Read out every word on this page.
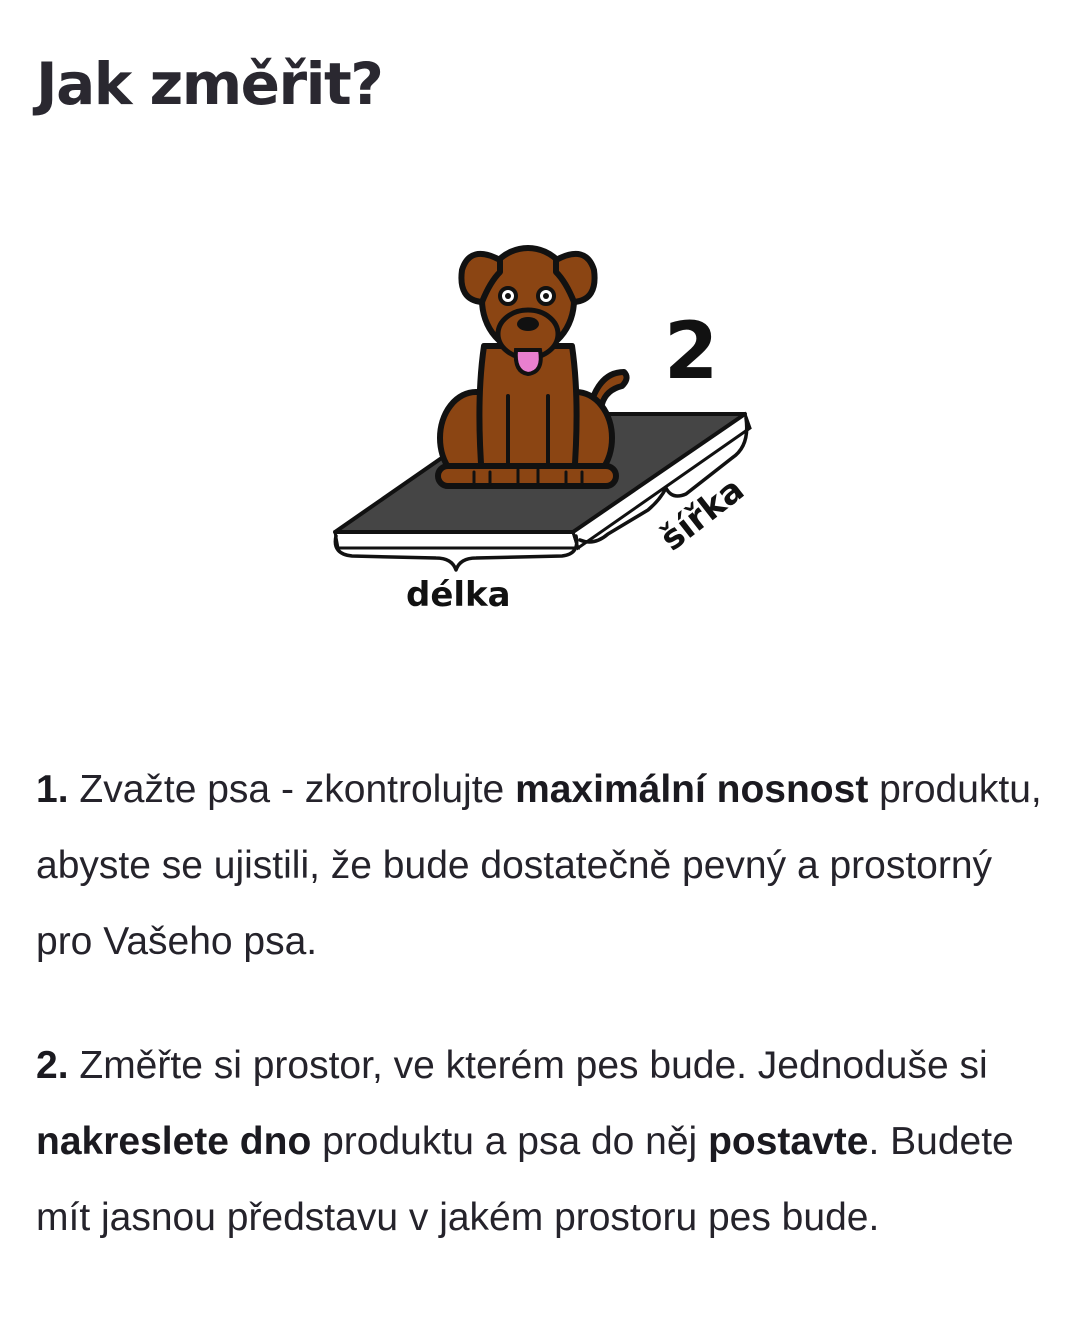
Jak změřit?
2
délka
šířka

1. Zvažte psa - zkontrolujte maximální nosnost produktu, abyste se ujistili, že bude dostatečně pevný a prostorný pro Vašeho psa.

2. Změřte si prostor, ve kterém pes bude. Jednoduše si nakreslete dno produktu a psa do něj postavte. Budete mít jasnou představu v jakém prostoru pes bude.
